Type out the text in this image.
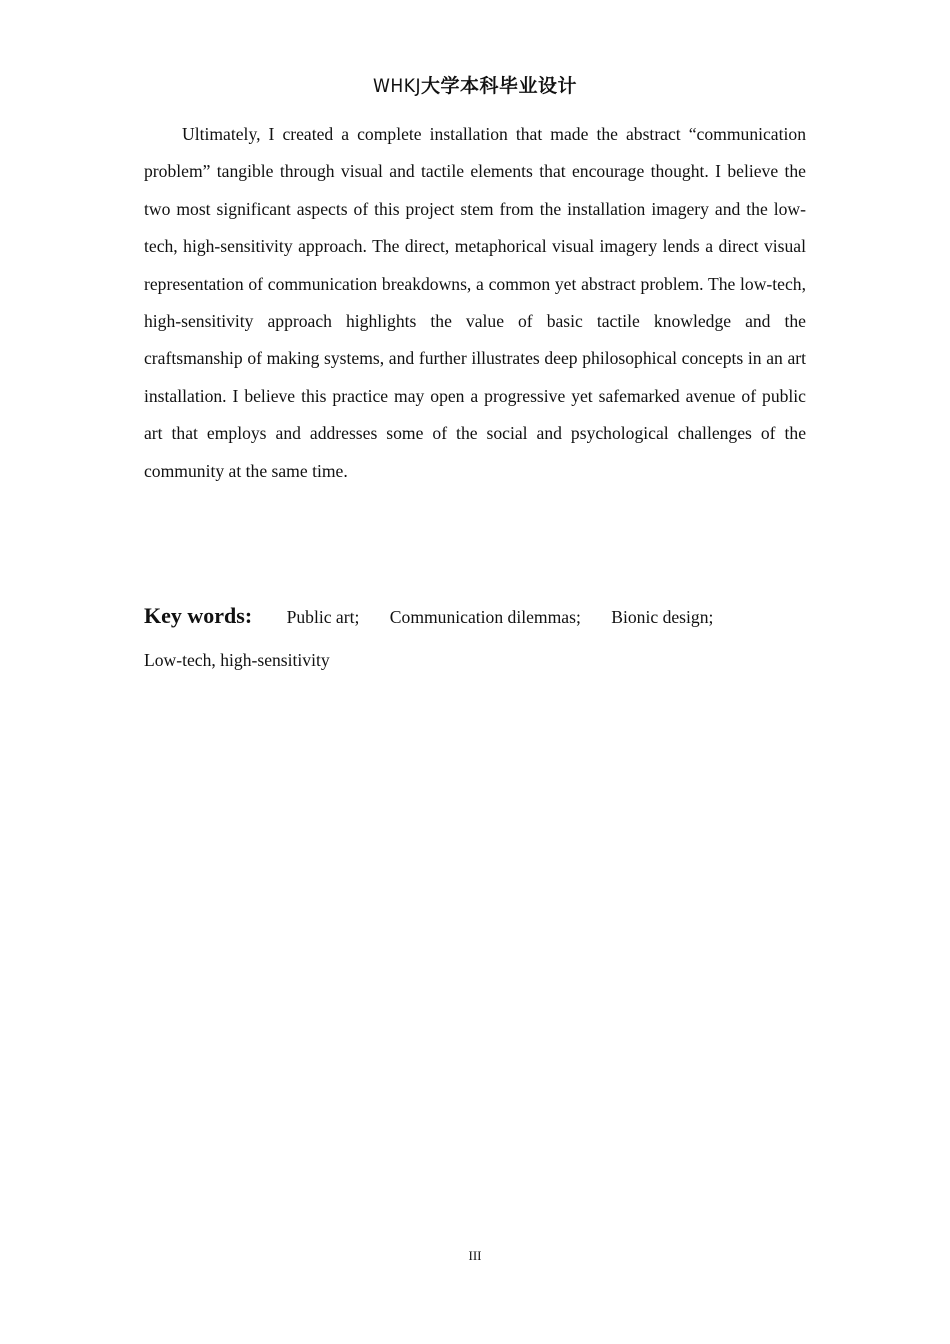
WHKJ大学本科毕业设计

Ultimately, I created a complete installation that made the abstract “communication problem” tangible through visual and tactile elements that encourage thought. I believe the two most significant aspects of this project stem from the installation imagery and the low-tech, high-sensitivity approach. The direct, metaphorical visual imagery lends a direct visual representation of communication breakdowns, a common yet abstract problem. The low-tech, high-sensitivity approach highlights the value of basic tactile knowledge and the craftsmanship of making systems, and further illustrates deep philosophical concepts in an art installation. I believe this practice may open a progressive yet safemarked avenue of public art that employs and addresses some of the social and psychological challenges of the community at the same time.

Key words: Public art; Communication dilemmas; Bionic design;
Low-tech, high-sensitivity
III
